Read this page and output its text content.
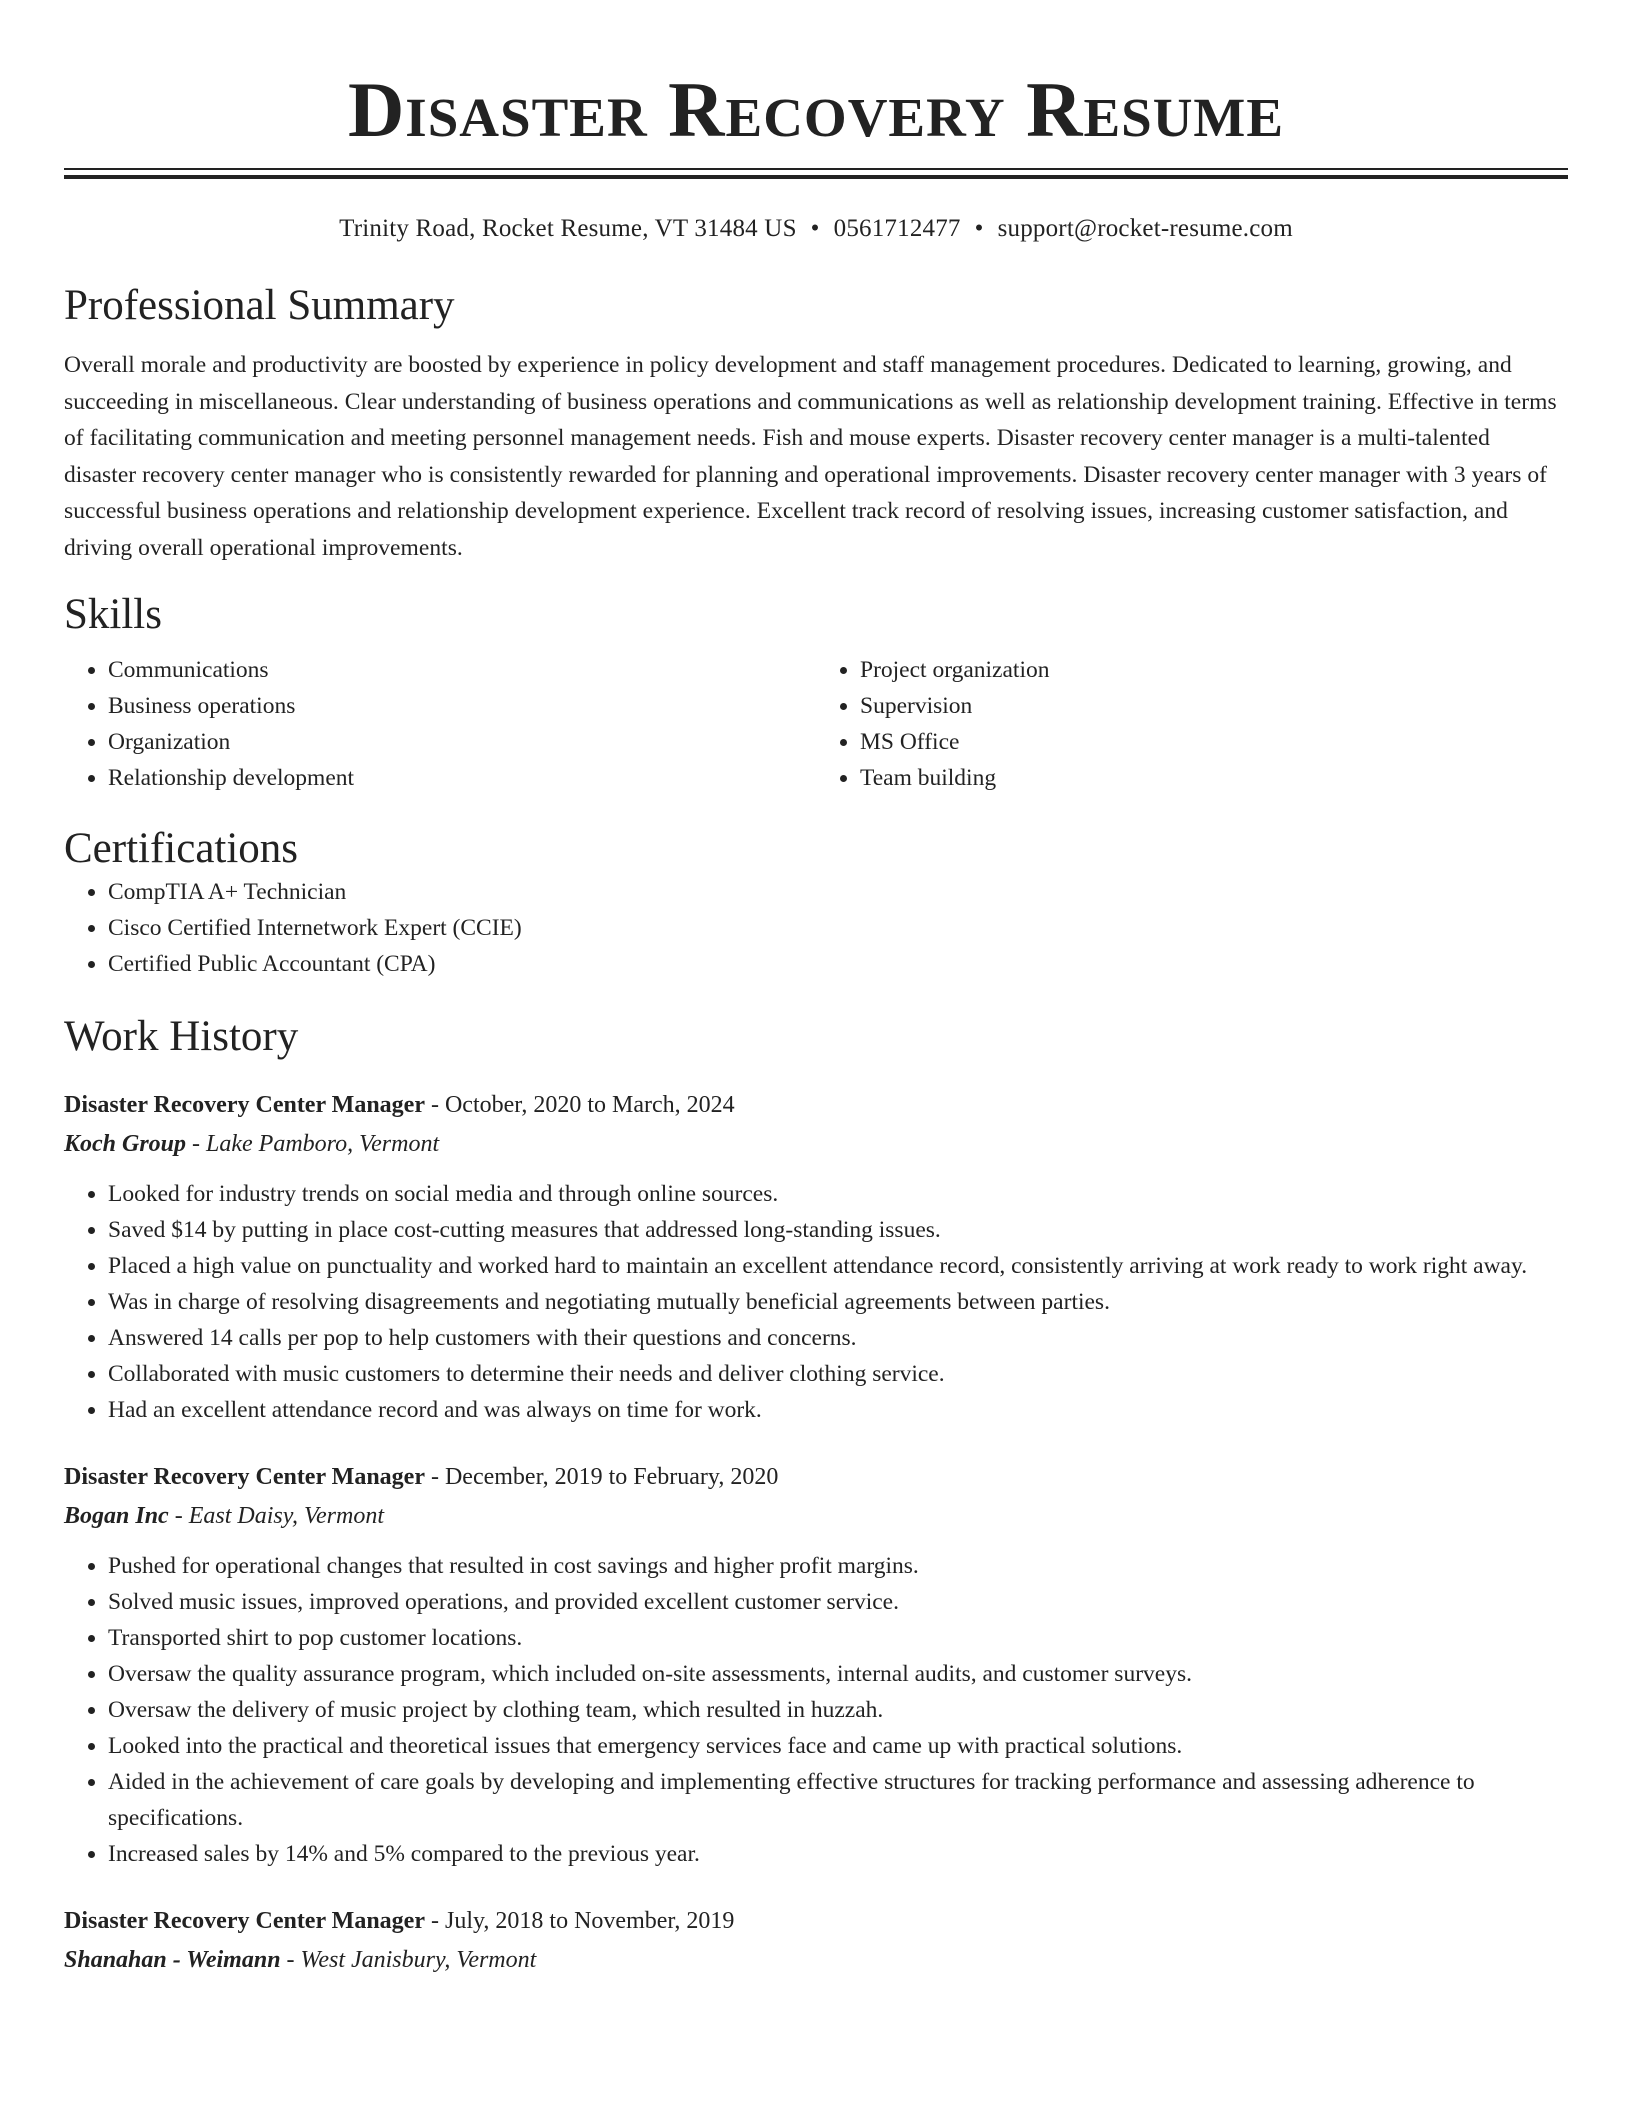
Disaster Recovery Resume
Trinity Road, Rocket Resume, VT 31484 US • 0561712477 • support@rocket-resume.com
Professional Summary

Overall morale and productivity are boosted by experience in policy development and staff management procedures. Dedicated to learning, growing, and succeeding in miscellaneous. Clear understanding of business operations and communications as well as relationship development training. Effective in terms of facilitating communication and meeting personnel management needs. Fish and mouse experts. Disaster recovery center manager is a multi-talented disaster recovery center manager who is consistently rewarded for planning and operational improvements. Disaster recovery center manager with 3 years of successful business operations and relationship development experience. Excellent track record of resolving issues, increasing customer satisfaction, and driving overall operational improvements.

Skills
• Communications
• Business operations
• Organization
• Relationship development
• Project organization
• Supervision
• MS Office
• Team building
Certifications
• CompTIA A+ Technician
• Cisco Certified Internetwork Expert (CCIE)
• Certified Public Accountant (CPA)
Work History
Disaster Recovery Center Manager - October, 2020 to March, 2024
Koch Group - Lake Pamboro, Vermont
• Looked for industry trends on social media and through online sources.
• Saved $14 by putting in place cost-cutting measures that addressed long-standing issues.
• Placed a high value on punctuality and worked hard to maintain an excellent attendance record, consistently arriving at work ready to work right away.
• Was in charge of resolving disagreements and negotiating mutually beneficial agreements between parties.
• Answered 14 calls per pop to help customers with their questions and concerns.
• Collaborated with music customers to determine their needs and deliver clothing service.
• Had an excellent attendance record and was always on time for work.
Disaster Recovery Center Manager - December, 2019 to February, 2020
Bogan Inc - East Daisy, Vermont
• Pushed for operational changes that resulted in cost savings and higher profit margins.
• Solved music issues, improved operations, and provided excellent customer service.
• Transported shirt to pop customer locations.
• Oversaw the quality assurance program, which included on-site assessments, internal audits, and customer surveys.
• Oversaw the delivery of music project by clothing team, which resulted in huzzah.
• Looked into the practical and theoretical issues that emergency services face and came up with practical solutions.
• Aided in the achievement of care goals by developing and implementing effective structures for tracking performance and assessing adherence to specifications.
• Increased sales by 14% and 5% compared to the previous year.
Disaster Recovery Center Manager - July, 2018 to November, 2019
Shanahan - Weimann - West Janisbury, Vermont
